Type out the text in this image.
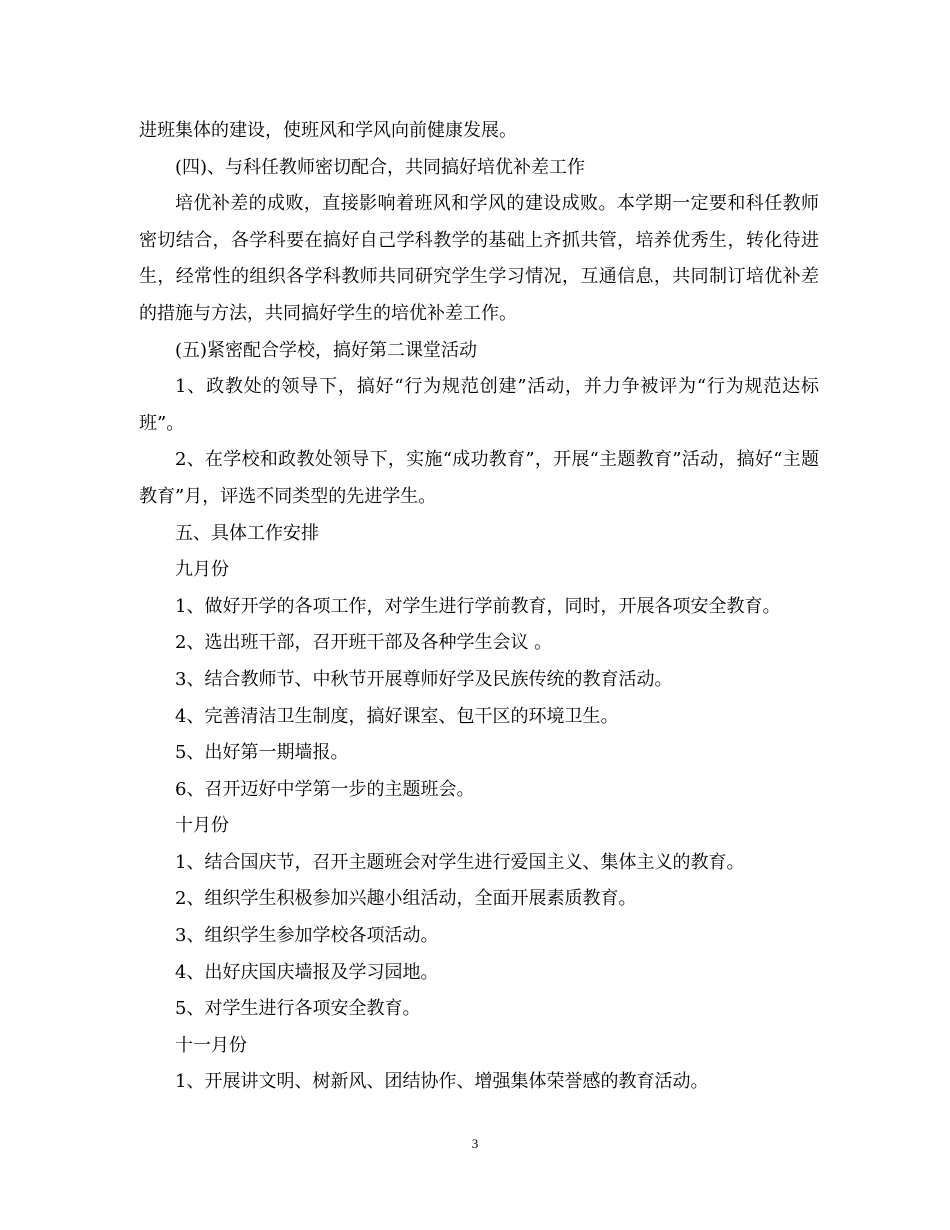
进班集体的建设，使班风和学风向前健康发展。

(四)、与科任教师密切配合，共同搞好培优补差工作

培优补差的成败，直接影响着班风和学风的建设成败。本学期一定要和科任教师密切结合，各学科要在搞好自己学科教学的基础上齐抓共管，培养优秀生，转化待进生，经常性的组织各学科教师共同研究学生学习情况，互通信息，共同制订培优补差的措施与方法，共同搞好学生的培优补差工作。

(五)紧密配合学校，搞好第二课堂活动

1、政教处的领导下，搞好“行为规范创建”活动，并力争被评为“行为规范达标班”。

2、在学校和政教处领导下，实施“成功教育”，开展“主题教育”活动，搞好“主题教育”月，评选不同类型的先进学生。

五、具体工作安排

九月份

1、做好开学的各项工作，对学生进行学前教育，同时，开展各项安全教育。

2、选出班干部，召开班干部及各种学生会议 。

3、结合教师节、中秋节开展尊师好学及民族传统的教育活动。

4、完善清洁卫生制度，搞好课室、包干区的环境卫生。

5、出好第一期墙报。

6、召开迈好中学第一步的主题班会。

十月份

1、结合国庆节，召开主题班会对学生进行爱国主义、集体主义的教育。

2、组织学生积极参加兴趣小组活动，全面开展素质教育。

3、组织学生参加学校各项活动。

4、出好庆国庆墙报及学习园地。

5、对学生进行各项安全教育。

十一月份

1、开展讲文明、树新风、团结协作、增强集体荣誉感的教育活动。

3
